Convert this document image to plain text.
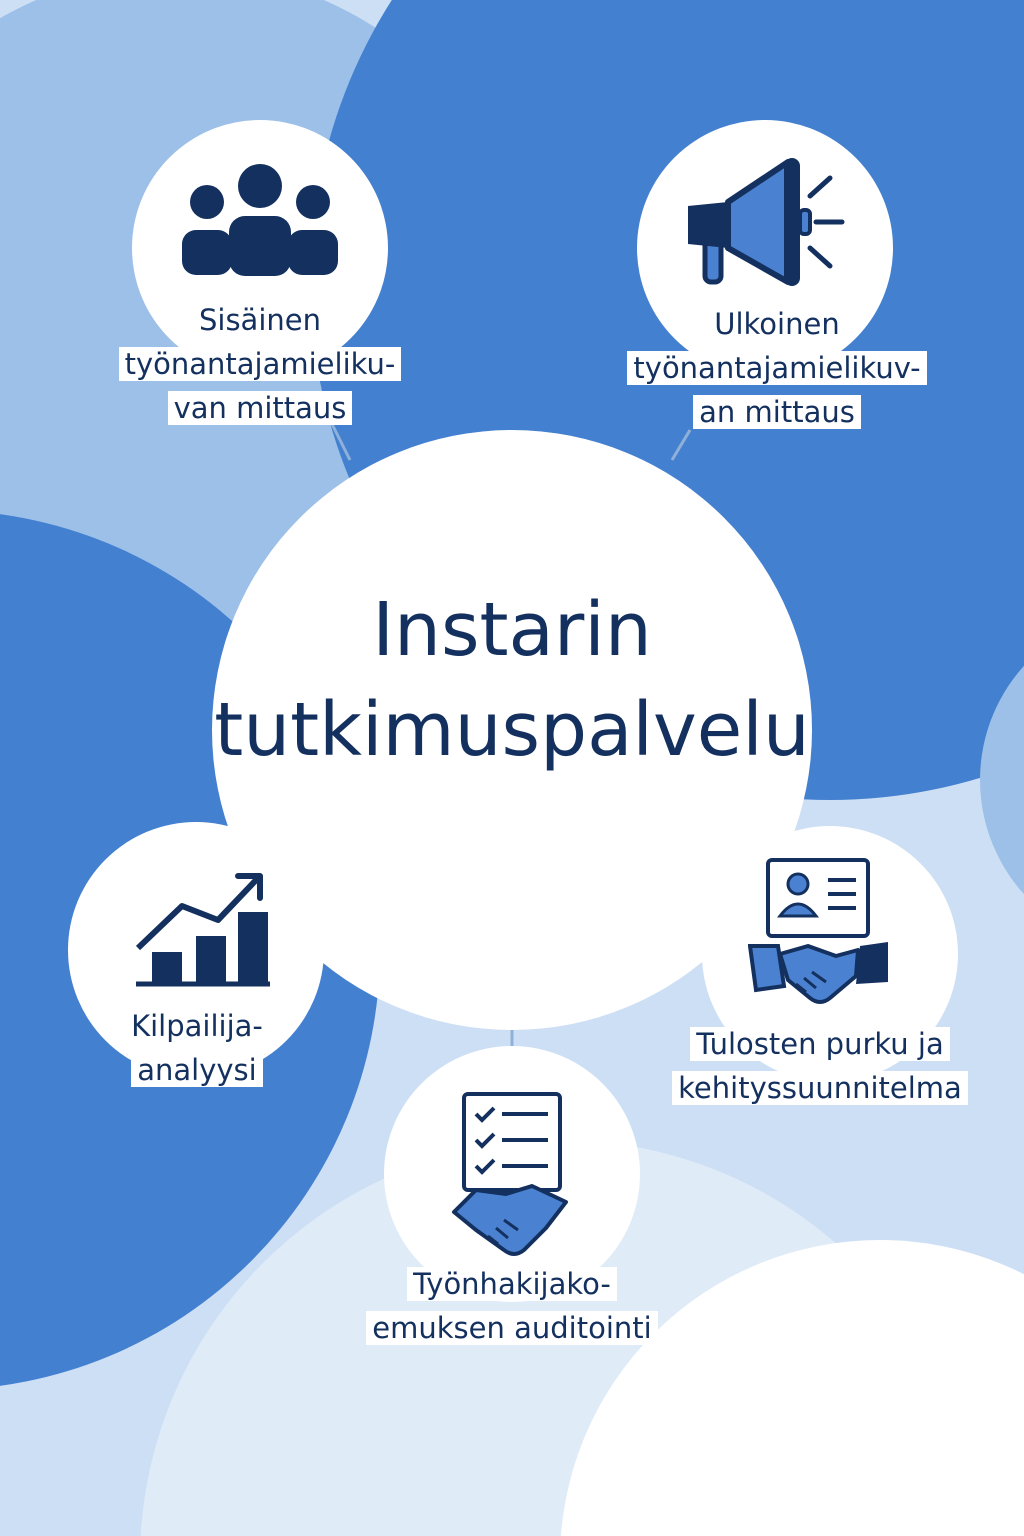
Instarin
tutkimuspalvelu
Sisäinen
työnantajamieliku-
van mittaus
Ulkoinen
työnantajamielikuv-
an mittaus
Kilpailija-
analyysi
Tulosten purku ja
kehityssuunnitelma
Työnhakijako-
emuksen auditointi
